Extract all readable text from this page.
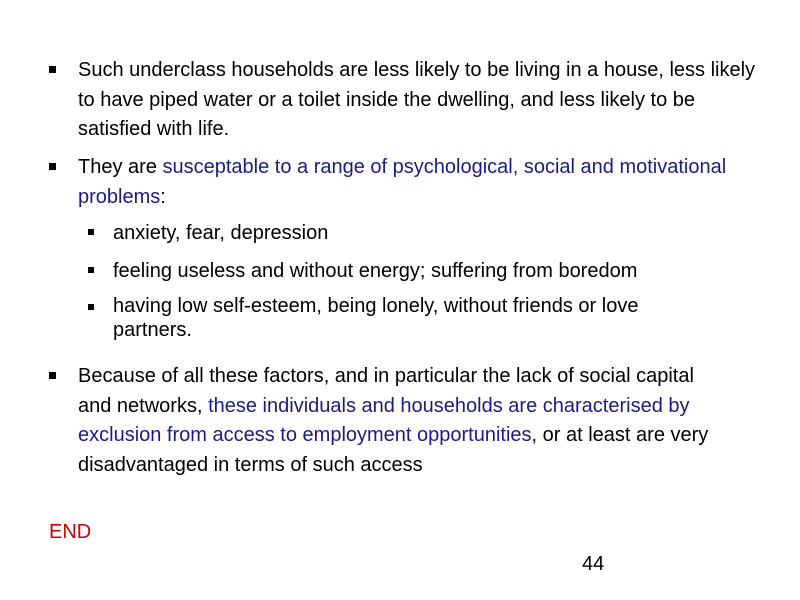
Such underclass households are less likely to be living in a house, less likely to have piped water or a toilet inside the dwelling, and less likely to be satisfied with life.
They are susceptable to a range of psychological, social and motivational problems:
anxiety, fear, depression
feeling useless and without energy; suffering from boredom
having low self-esteem, being lonely, without friends or love partners.
Because of all these factors, and in particular the lack of social capital and networks, these individuals and households are characterised by exclusion from access to employment opportunities, or at least are very disadvantaged in terms of such access
END
44
